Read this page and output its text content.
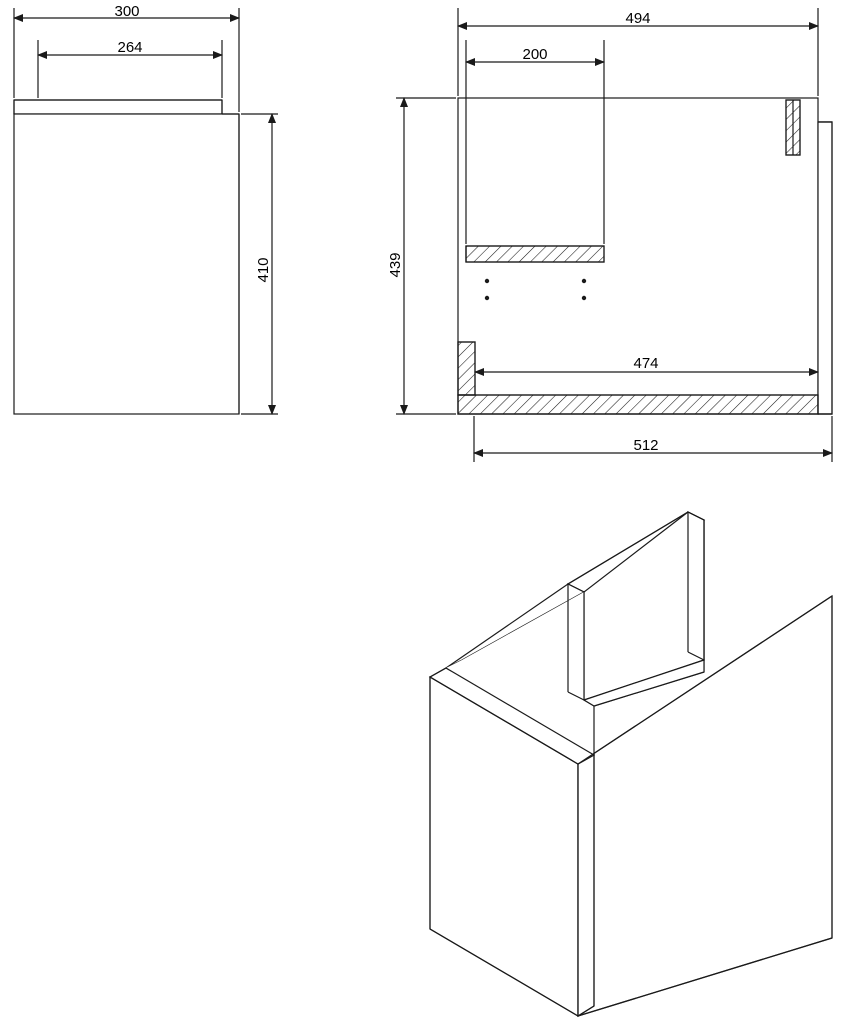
300
264
410
494
200
439
474
512
